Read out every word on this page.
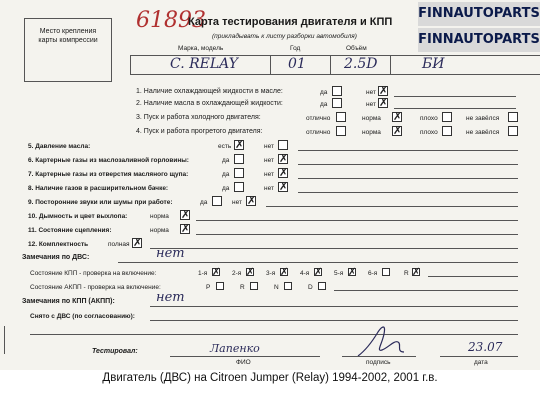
Место крепления карты компрессии
61893
Карта тестирования двигателя и КПП
(прикладывать к листу разборки автомобиля)
FINNAUTOPARTS
FINNAUTOPARTS
Марка, модель	Год	Объём
C. RELAY	01	2.5D	БИ
1. Наличие охлаждающей жидкости в масле:	да	нет ✗
2. Наличие масла в охлаждающей жидкости:	да	нет ✗
3. Пуск и работа холодного двигателя:	отлично	норма ✗	плохо	не завёлся
4. Пуск и работа прогретого двигателя:	отлично	норма ✗	плохо	не завёлся
5. Давление масла:	есть ✗	нет
6. Картерные газы из маслозаливной горловины:	да	нет ✗
7. Картерные газы из отверстия масляного щупа:	да	нет ✗
8. Наличие газов в расширительном бачке:	да	нет ✗
9. Посторонние звуки или шумы при работе:	да	нет ✗
10. Дымность и цвет выхлопа:	норма ✗
11. Состояние сцепления:	норма ✗
12. Комплектность	полная ✗
Замечания по ДВС:	нет
Состояние КПП - проверка на включение:	1-я ✗ 2-я ✗ 3-я ✗ 4-я ✗ 5-я ✗ 6-я	R ✗
Состояние АКПП - проверка на включение:	P	R	N	D
Замечания по КПП (АКПП):	нет
Снято с ДВС (по согласованию):
Тестировал:	Лапенко
ФИО	подпись
23.07
дата
Двигатель (ДВС) на Citroen Jumper (Relay) 1994-2002, 2001 г.в.
